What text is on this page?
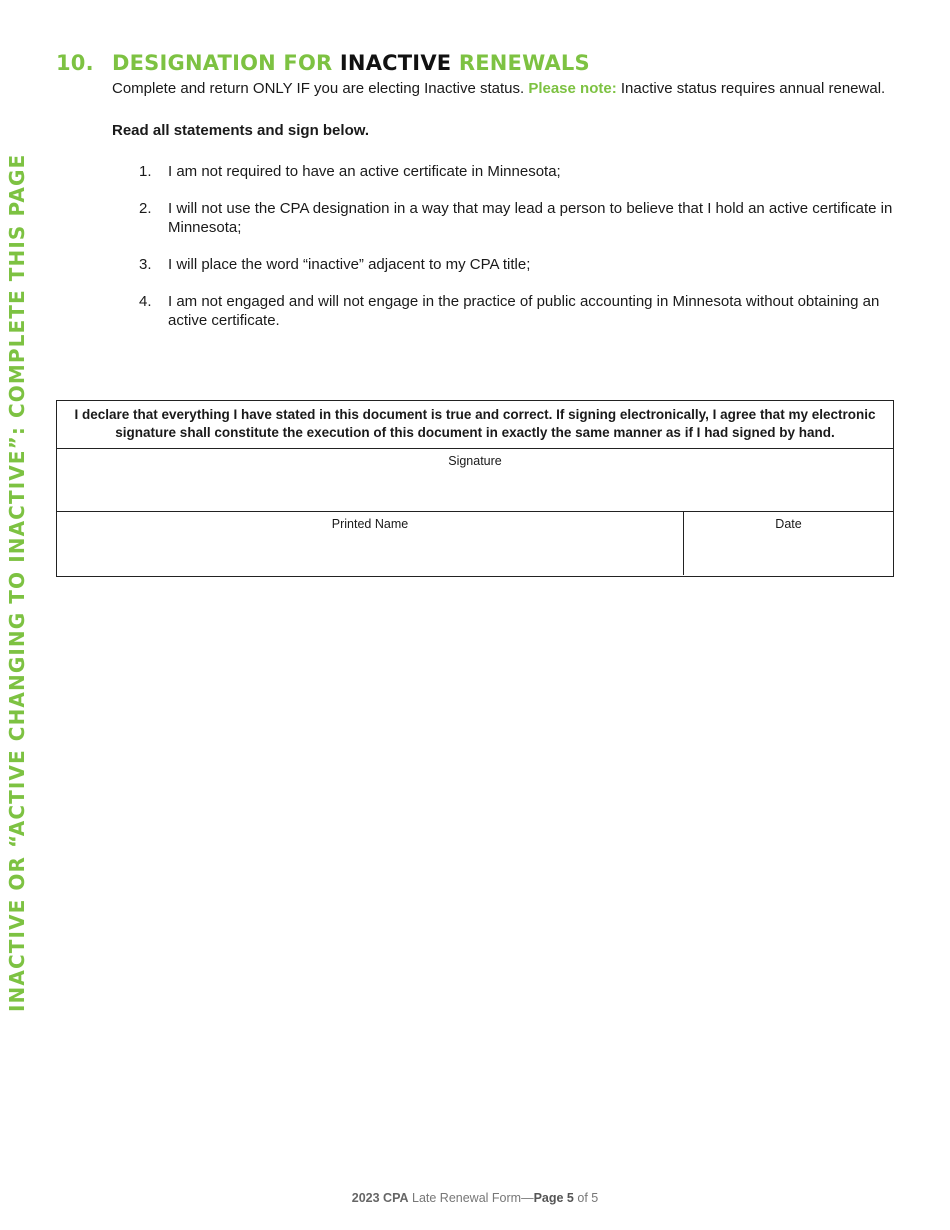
INACTIVE OR “ACTIVE CHANGING TO INACTIVE”: COMPLETE THIS PAGE
10. DESIGNATION FOR INACTIVE RENEWALS
Complete and return ONLY IF you are electing Inactive status. Please note: Inactive status requires annual renewal.
Read all statements and sign below.
1. I am not required to have an active certificate in Minnesota;
2. I will not use the CPA designation in a way that may lead a person to believe that I hold an active certificate in Minnesota;
3. I will place the word “inactive” adjacent to my CPA title;
4. I am not engaged and will not engage in the practice of public accounting in Minnesota without obtaining an active certificate.
I declare that everything I have stated in this document is true and correct. If signing electronically, I agree that my electronic signature shall constitute the execution of this document in exactly the same manner as if I had signed by hand.
Signature
Printed Name	Date
2023 CPA Late Renewal Form—Page 5 of 5
